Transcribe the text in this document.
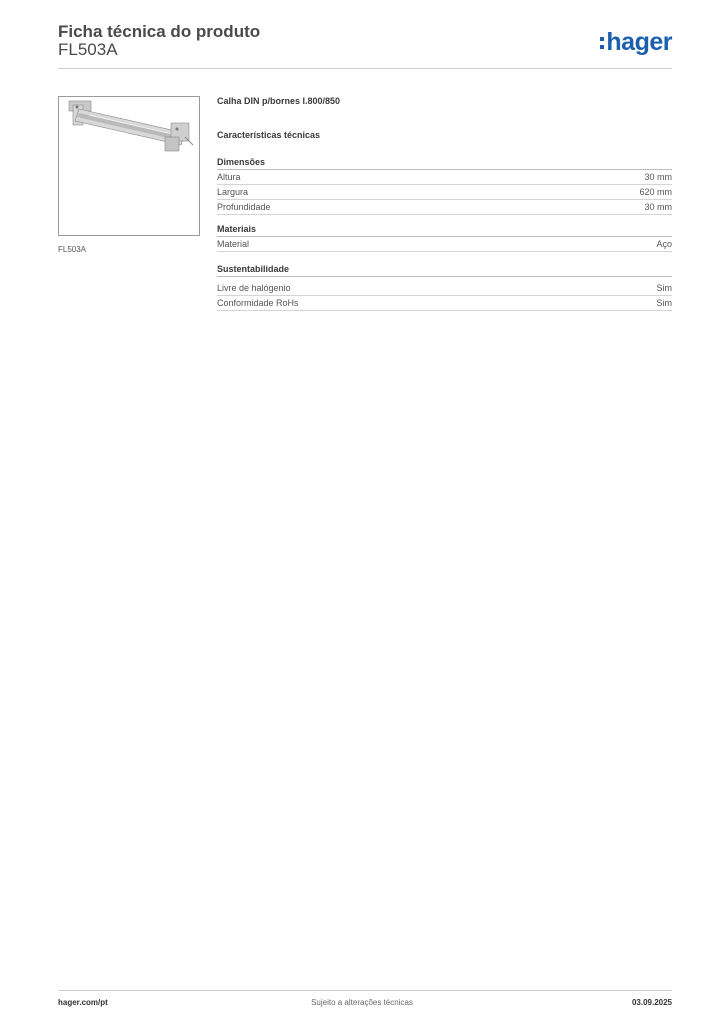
Ficha técnica do produto
FL503A	hager
FL503A
Calha DIN p/bornes l.800/850
Características técnicas
Dimensões
Altura	30 mm
Largura	620 mm
Profundidade	30 mm
Materiais
Material	Aço
Sustentabilidade
Livre de halógenio	Sim
Conformidade RoHs	Sim
hager.com/pt	Sujeito a alterações técnicas	03.09.2025
